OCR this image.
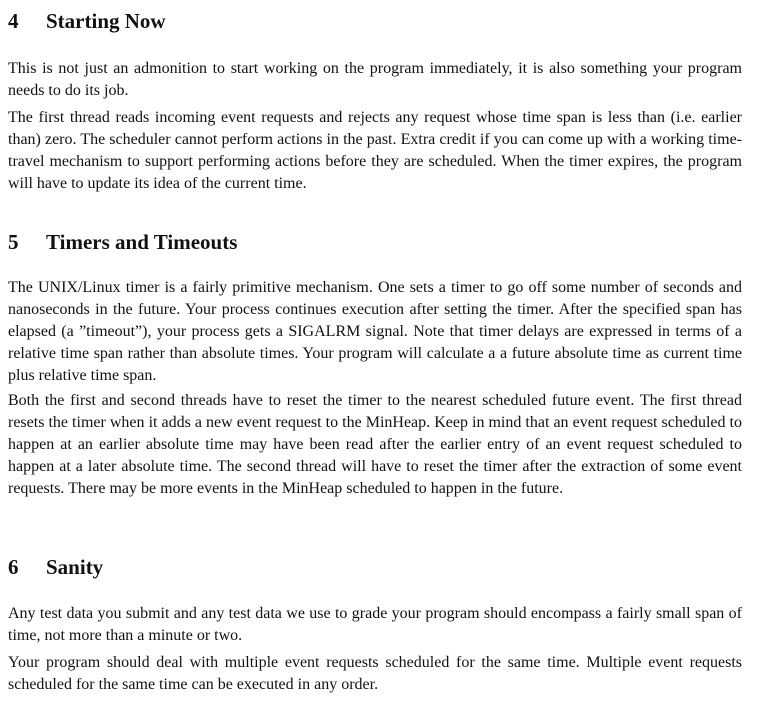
4 Starting Now

This is not just an admonition to start working on the program immediately, it is also something your program needs to do its job.

The first thread reads incoming event requests and rejects any request whose time span is less than (i.e. earlier than) zero. The scheduler cannot perform actions in the past. Extra credit if you can come up with a working time-travel mechanism to support performing actions before they are scheduled. When the timer expires, the program will have to update its idea of the current time.

5 Timers and Timeouts

The UNIX/Linux timer is a fairly primitive mechanism. One sets a timer to go off some number of seconds and nanoseconds in the future. Your process continues execution after setting the timer. After the specified span has elapsed (a ”timeout”), your process gets a SIGALRM signal. Note that timer delays are expressed in terms of a relative time span rather than absolute times. Your program will calculate a a future absolute time as current time plus relative time span.

Both the first and second threads have to reset the timer to the nearest scheduled future event. The first thread resets the timer when it adds a new event request to the MinHeap. Keep in mind that an event request scheduled to happen at an earlier absolute time may have been read after the earlier entry of an event request scheduled to happen at a later absolute time. The second thread will have to reset the timer after the extraction of some event requests. There may be more events in the MinHeap scheduled to happen in the future.

6 Sanity

Any test data you submit and any test data we use to grade your program should encompass a fairly small span of time, not more than a minute or two.

Your program should deal with multiple event requests scheduled for the same time. Multiple event requests scheduled for the same time can be executed in any order.
